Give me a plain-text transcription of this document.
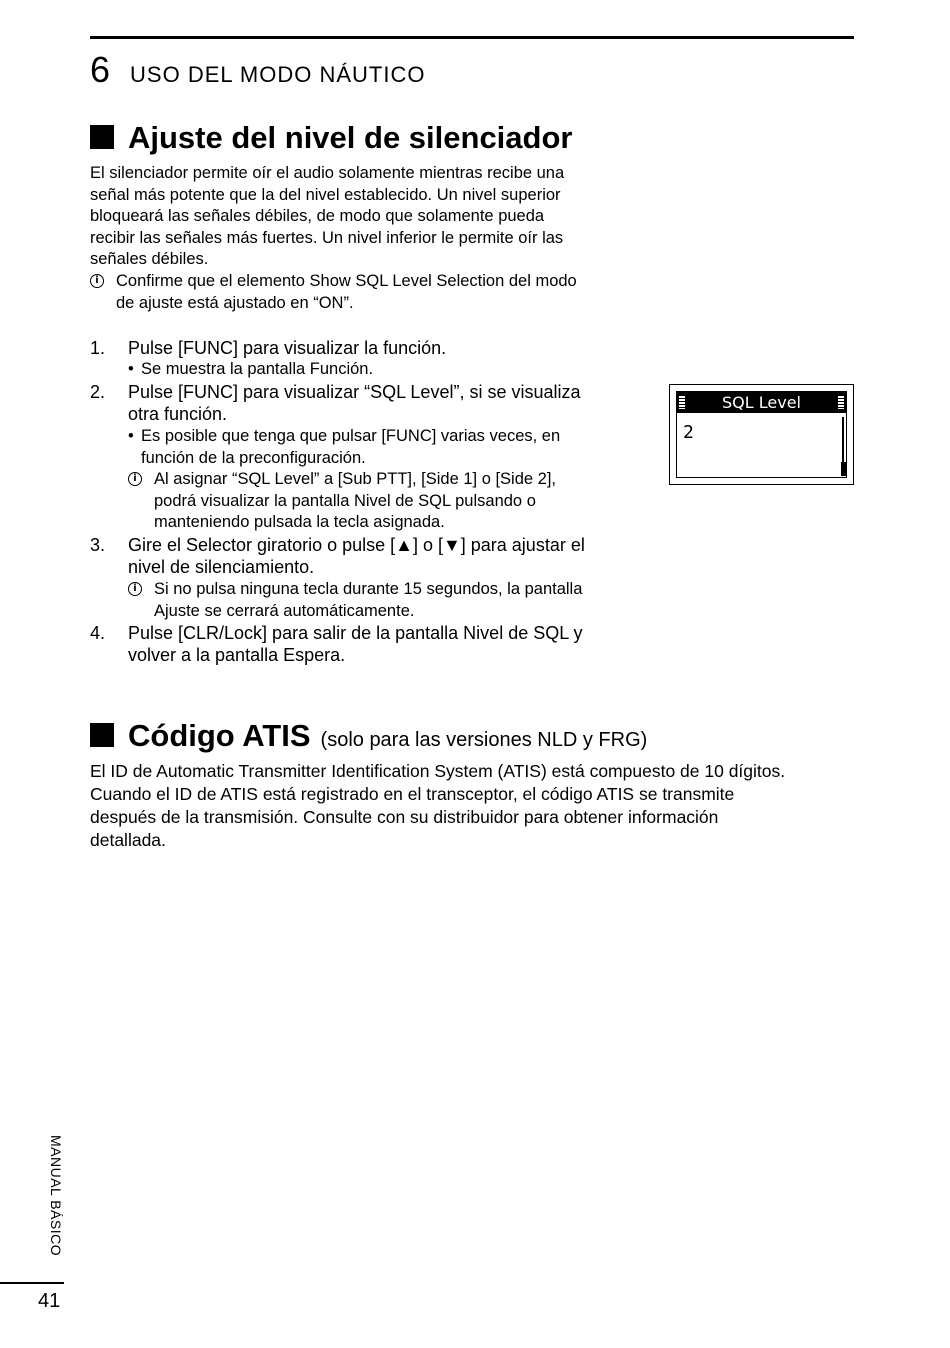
6 USO DEL MODO NÁUTICO
Ajuste del nivel de silenciador
El silenciador permite oír el audio solamente mientras recibe una
señal más potente que la del nivel establecido. Un nivel superior
bloqueará las señales débiles, de modo que solamente pueda
recibir las señales más fuertes. Un nivel inferior le permite oír las
señales débiles.
i	Confirme que el elemento Show SQL Level Selection del modo
de ajuste está ajustado en “ON”.
1.	Pulse [FUNC] para visualizar la función.
• Se muestra la pantalla Función.
2.	Pulse [FUNC] para visualizar “SQL Level”, si se visualiza
otra función.
• Es posible que tenga que pulsar [FUNC] varias veces, en
función de la preconfiguración.
i	Al asignar “SQL Level” a [Sub PTT], [Side 1] o [Side 2],
podrá visualizar la pantalla Nivel de SQL pulsando o
manteniendo pulsada la tecla asignada.
3.	Gire el Selector giratorio o pulse [▲] o [▼] para ajustar el
nivel de silenciamiento.
i	Si no pulsa ninguna tecla durante 15 segundos, la pantalla
Ajuste se cerrará automáticamente.
4.	Pulse [CLR/Lock] para salir de la pantalla Nivel de SQL y
volver a la pantalla Espera.
SQL Level
2
Código ATIS (solo para las versiones NLD y FRG)
El ID de Automatic Transmitter Identification System (ATIS) está compuesto de 10 dígitos.
Cuando el ID de ATIS está registrado en el transceptor, el código ATIS se transmite
después de la transmisión. Consulte con su distribuidor para obtener información
detallada.
MANUAL BÁSICO
41
